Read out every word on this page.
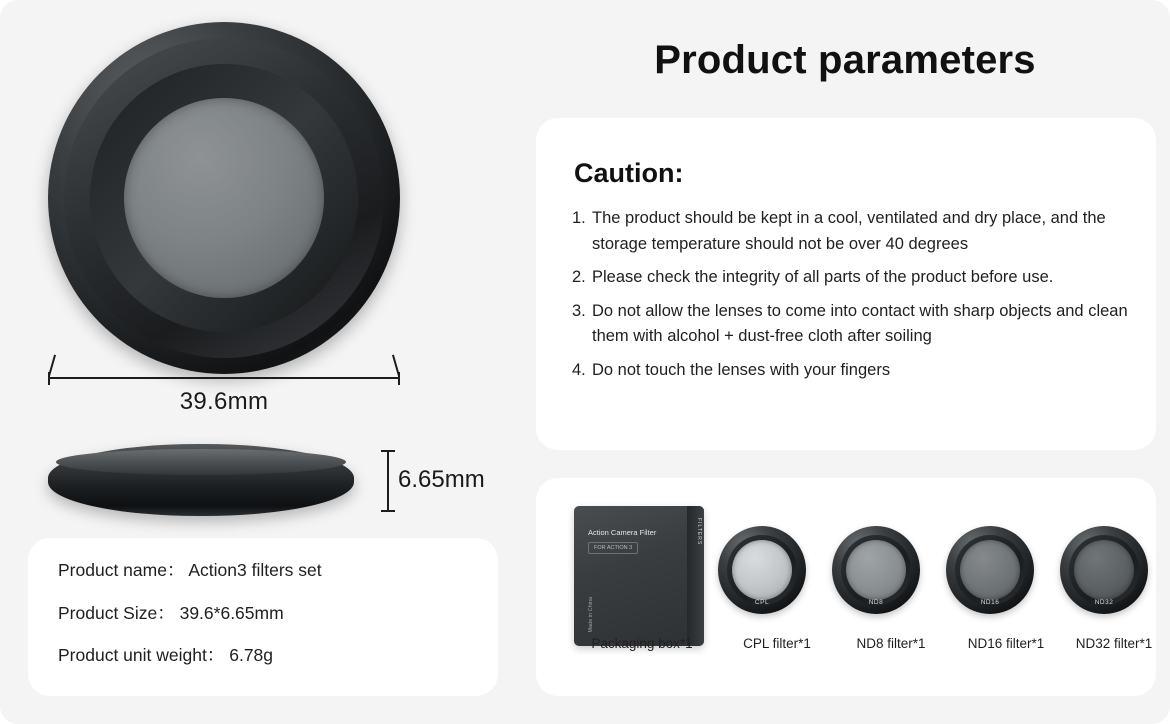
39.6mm
6.65mm
Product name： Action3 filters set
Product Size： 39.6*6.65mm
Product unit weight： 6.78g
Product parameters
Caution:
1. The product should be kept in a cool, ventilated and dry place, and the storage temperature should not be over 40 degrees
2. Please check the integrity of all parts of the product before use.
3. Do not allow the lenses to come into contact with sharp objects and clean them with alcohol + dust-free cloth after soiling
4. Do not touch the lenses with your fingers
Action Camera Filter
FOR ACTION 3
Made in China
FILTERS
CPL	ND8	ND16	ND32
Packaging box*1	CPL filter*1	ND8 filter*1	ND16 filter*1	ND32 filter*1
